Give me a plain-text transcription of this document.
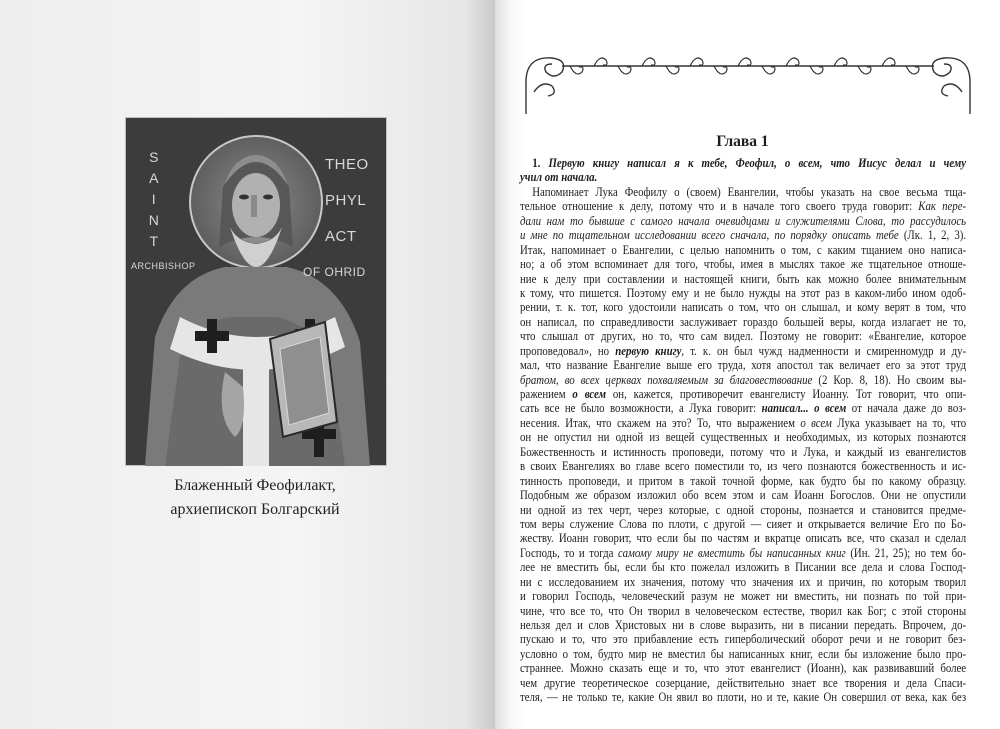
S
A
I
N
T
THEO
PHYL
ACT
ARCHBISHOP	OF OHRID
Блаженный Феофилакт,
архиепископ Болгарский
Глава 1
1. Первую книгу написал я к тебе, Феофил, о всем, что Иисус делал и чему
учил от начала.
Напоминает Лука Феофилу о (своем) Евангелии, чтобы указать на свое весьма тща-
тельное отношение к делу, потому что и в начале того своего труда говорит: Как пере-
дали нам то бывшие с самого начала очевидцами и служителями Слова, то рассудилось
и мне по тщательном исследовании всего сначала, по порядку описать тебе (Лк. 1, 2, 3).
Итак, напоминает о Евангелии, с целью напомнить о том, с каким тщанием оно написа-
но; а об этом вспоминает для того, чтобы, имея в мыслях такое же тщательное отноше-
ние к делу при составлении и настоящей книги, быть как можно более внимательным
к тому, что пишется. Поэтому ему и не было нужды на этот раз в каком-либо ином одоб-
рении, т. к. тот, кого удостоили написать о том, что он слышал, и кому верят в том, что
он написал, по справедливости заслуживает гораздо большей веры, когда излагает не то,
что слышал от других, но то, что сам видел. Поэтому не говорит: «Евангелие, которое
проповедовал», но первую книгу, т. к. он был чужд надменности и смиренномудр и ду-
мал, что название Евангелие выше его труда, хотя апостол так величает его за этот труд
братом, во всех церквах похваляемым за благовествование (2 Кор. 8, 18). Но своим вы-
ражением о всем он, кажется, противоречит евангелисту Иоанну. Тот говорит, что опи-
сать все не было возможности, а Лука говорит: написал... о всем от начала даже до воз-
несения. Итак, что скажем на это? То, что выражением о всем Лука указывает на то, что
он не опустил ни одной из вещей существенных и необходимых, из которых познаются
Божественность и истинность проповеди, потому что и Лука, и каждый из евангелистов
в своих Евангелиях во главе всего поместили то, из чего познаются божественность и ис-
тинность проповеди, и притом в такой точной форме, как будто бы по какому образцу.
Подобным же образом изложил обо всем этом и сам Иоанн Богослов. Они не опустили
ни одной из тех черт, через которые, с одной стороны, познается и становится предме-
том веры служение Слова по плоти, с другой — сияет и открывается величие Его по Бо-
жеству. Иоанн говорит, что если бы по частям и вкратце описать все, что сказал и сделал
Господь, то и тогда самому миру не вместить бы написанных книг (Ин. 21, 25); но тем бо-
лее не вместить бы, если бы кто пожелал изложить в Писании все дела и слова Господ-
ни с исследованием их значения, потому что значения их и причин, по которым творил
и говорил Господь, человеческий разум не может ни вместить, ни познать по той при-
чине, что все то, что Он творил в человеческом естестве, творил как Бог; с этой стороны
нельзя дел и слов Христовых ни в слове выразить, ни в писании передать. Впрочем, до-
пускаю и то, что это прибавление есть гиперболический оборот речи и не говорит без-
условно о том, будто мир не вместил бы написанных книг, если бы изложение было про-
страннее. Можно сказать еще и то, что этот евангелист (Иоанн), как развивавший более
чем другие теоретическое созерцание, действительно знает все творения и дела Спаси-
теля, — не только те, какие Он явил во плоти, но и те, какие Он совершил от века, как без
